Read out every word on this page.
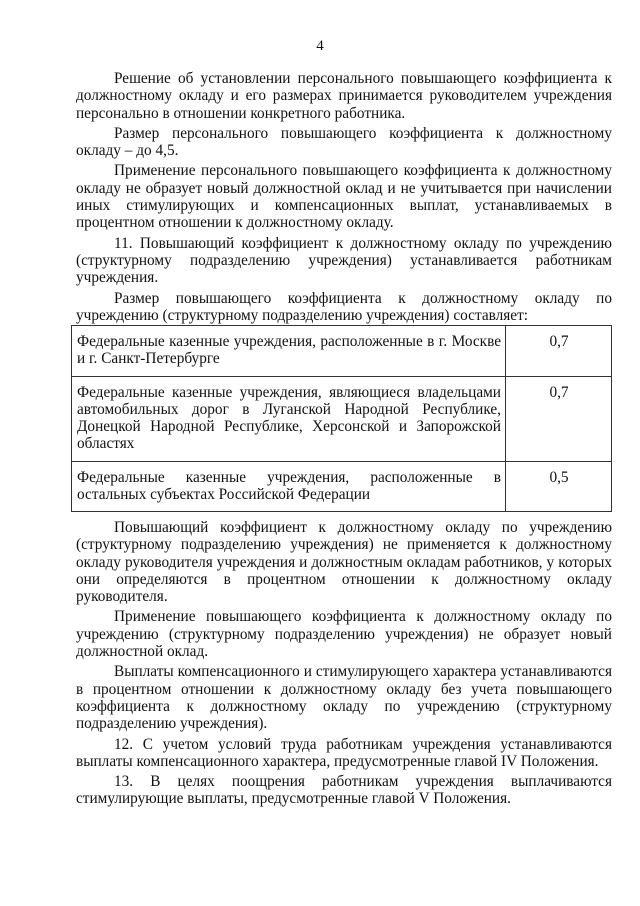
4

Решение об установлении персонального повышающего коэффициента к должностному окладу и его размерах принимается руководителем учреждения персонально в отношении конкретного работника.

Размер персонального повышающего коэффициента к должностному окладу – до 4,5.

Применение персонального повышающего коэффициента к должностному окладу не образует новый должностной оклад и не учитывается при начислении иных стимулирующих и компенсационных выплат, устанавливаемых в процентном отношении к должностному окладу.

11. Повышающий коэффициент к должностному окладу по учреждению (структурному подразделению учреждения) устанавливается работникам учреждения.

Размер повышающего коэффициента к должностному окладу по учреждению (структурному подразделению учреждения) составляет:

Федеральные казенные учреждения, расположенные в г. Москве и г. Санкт-Петербурге	0,7
Федеральные казенные учреждения, являющиеся владельцами автомобильных дорог в Луганской Народной Республике, Донецкой Народной Республике, Херсонской и Запорожской областях	0,7
Федеральные казенные учреждения, расположенные в остальных субъектах Российской Федерации	0,5

Повышающий коэффициент к должностному окладу по учреждению (структурному подразделению учреждения) не применяется к должностному окладу руководителя учреждения и должностным окладам работников, у которых они определяются в процентном отношении к должностному окладу руководителя.

Применение повышающего коэффициента к должностному окладу по учреждению (структурному подразделению учреждения) не образует новый должностной оклад.

Выплаты компенсационного и стимулирующего характера устанавливаются в процентном отношении к должностному окладу без учета повышающего коэффициента к должностному окладу по учреждению (структурному подразделению учреждения).

12. С учетом условий труда работникам учреждения устанавливаются выплаты компенсационного характера, предусмотренные главой IV Положения.

13. В целях поощрения работникам учреждения выплачиваются стимулирующие выплаты, предусмотренные главой V Положения.
